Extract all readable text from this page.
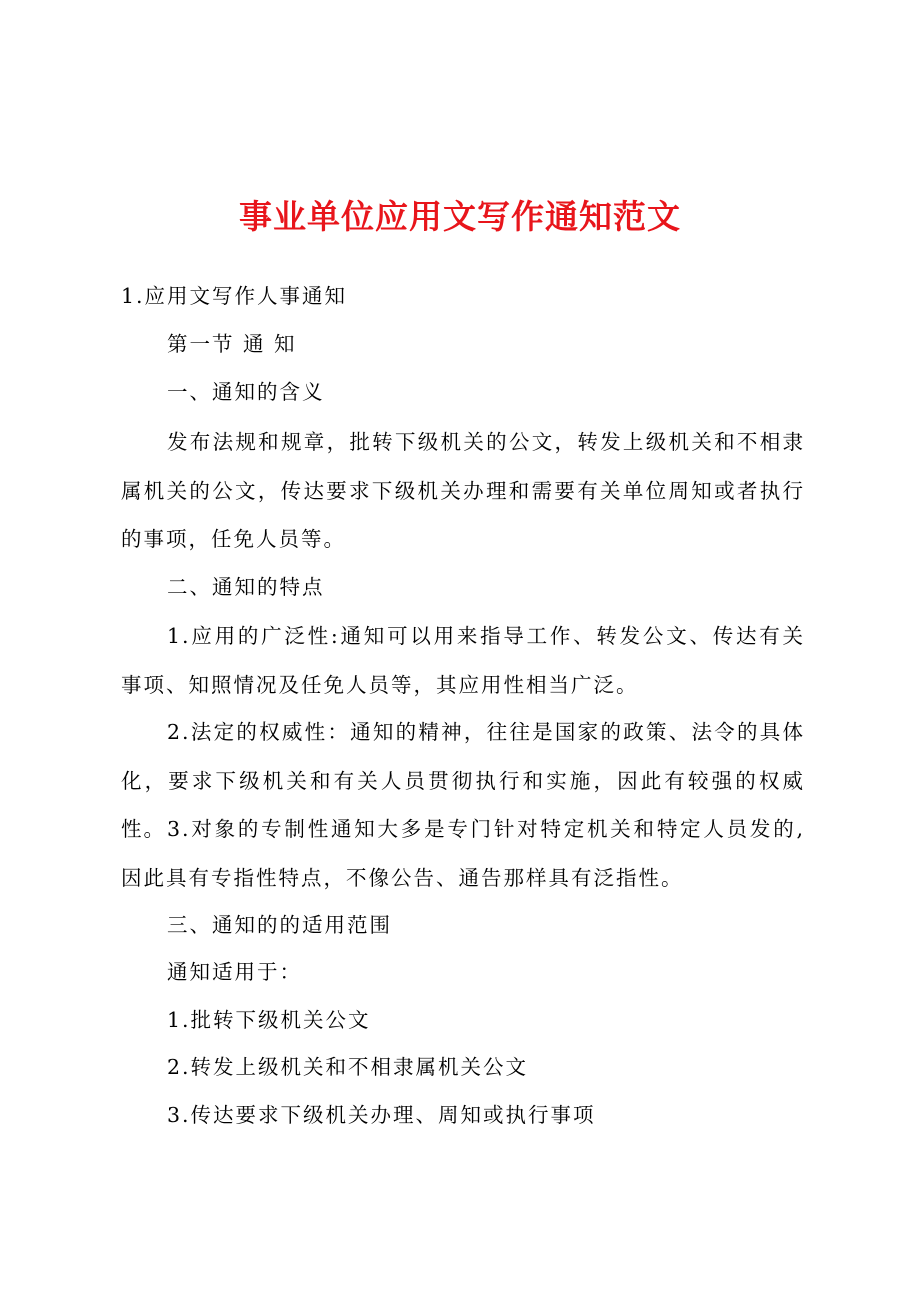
事业单位应用文写作通知范文
1.应用文写作人事通知
第一节 通 知
一、通知的含义
发布法规和规章，批转下级机关的公文，转发上级机关和不相隶属机关的公文，传达要求下级机关办理和需要有关单位周知或者执行的事项，任免人员等。
二、通知的特点
1.应用的广泛性:通知可以用来指导工作、转发公文、传达有关事项、知照情况及任免人员等，其应用性相当广泛。
2.法定的权威性：通知的精神，往往是国家的政策、法令的具体化，要求下级机关和有关人员贯彻执行和实施，因此有较强的权威性。 3.对象的专制性通知大多是专门针对特定机关和特定人员发的,因此具有专指性特点，不像公告、通告那样具有泛指性。
三、通知的的适用范围
通知适用于：
1.批转下级机关公文
2.转发上级机关和不相隶属机关公文
3.传达要求下级机关办理、周知或执行事项
